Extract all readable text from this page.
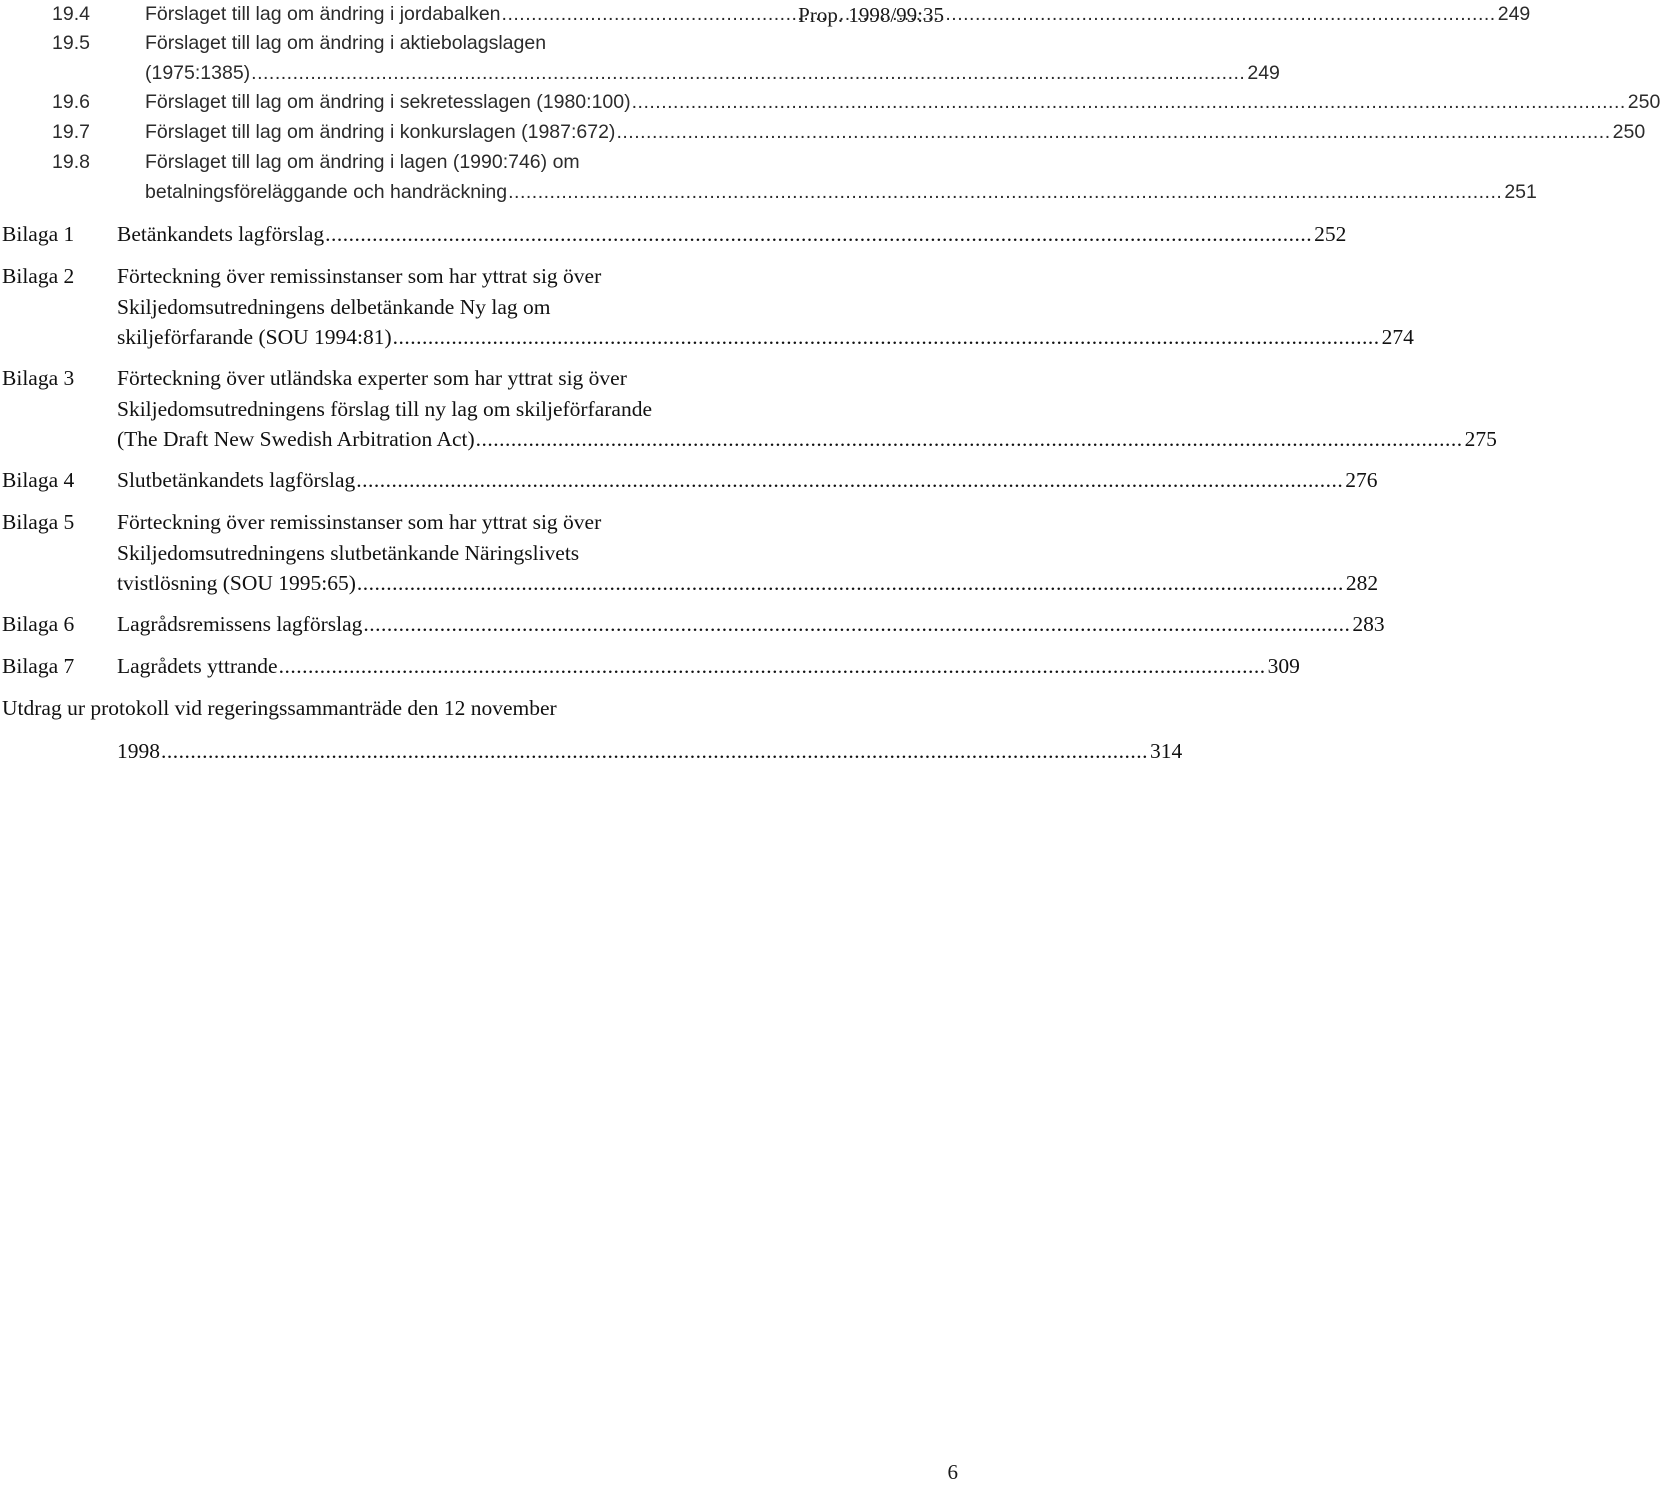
Prop. 1998/99:35
19.4	Förslaget till lag om ändring i jordabalken .....	249
19.5	Förslaget till lag om ändring i aktiebolagslagen
(1975:1385) .....	249
19.6	Förslaget till lag om ändring i sekretesslagen (1980:100) .....	250
19.7	Förslaget till lag om ändring i konkurslagen (1987:672) .....	250
19.8	Förslaget till lag om ändring i lagen (1990:746) om
betalningsföreläggande och handräckning .....	251
Bilaga 1	Betänkandets lagförslag .....	252
Bilaga 2	Förteckning över remissinstanser som har yttrat sig över
Skiljedomsutredningens delbetänkande Ny lag om
skiljeförfarande (SOU 1994:81) .....	274
Bilaga 3	Förteckning över utländska experter som har yttrat sig över
Skiljedomsutredningens förslag till ny lag om skiljeförfarande
(The Draft New Swedish Arbitration Act) .....	275
Bilaga 4	Slutbetänkandets lagförslag .....	276
Bilaga 5	Förteckning över remissinstanser som har yttrat sig över
Skiljedomsutredningens slutbetänkande Näringslivets
tvistlösning (SOU 1995:65) .....	282
Bilaga 6	Lagrådsremissens lagförslag .....	283
Bilaga 7	Lagrådets yttrande .....	309
Utdrag ur protokoll vid regeringssammanträde den 12 november
1998 .....	314
6
